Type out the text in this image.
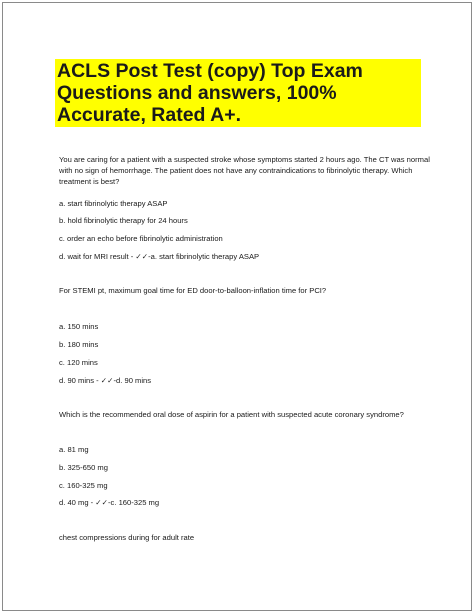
ACLS Post Test (copy) Top Exam Questions and answers, 100% Accurate, Rated A+.

You are caring for a patient with a suspected stroke whose symptoms started 2 hours ago. The CT was normal with no sign of hemorrhage. The patient does not have any contraindications to fibrinolytic therapy. Which treatment is best?

a. start fibrinolytic therapy ASAP

b. hold fibrinolytic therapy for 24 hours

c. order an echo before fibrinolytic administration

d. wait for MRI result - ✓✓-a. start fibrinolytic therapy ASAP

For STEMI pt, maximum goal time for ED door-to-balloon-inflation time for PCI?

a. 150 mins

b. 180 mins

c. 120 mins

d. 90 mins - ✓✓-d. 90 mins

Which is the recommended oral dose of aspirin for a patient with suspected acute coronary syndrome?

a. 81 mg

b. 325-650 mg

c. 160-325 mg

d. 40 mg - ✓✓-c. 160-325 mg

chest compressions during for adult rate
